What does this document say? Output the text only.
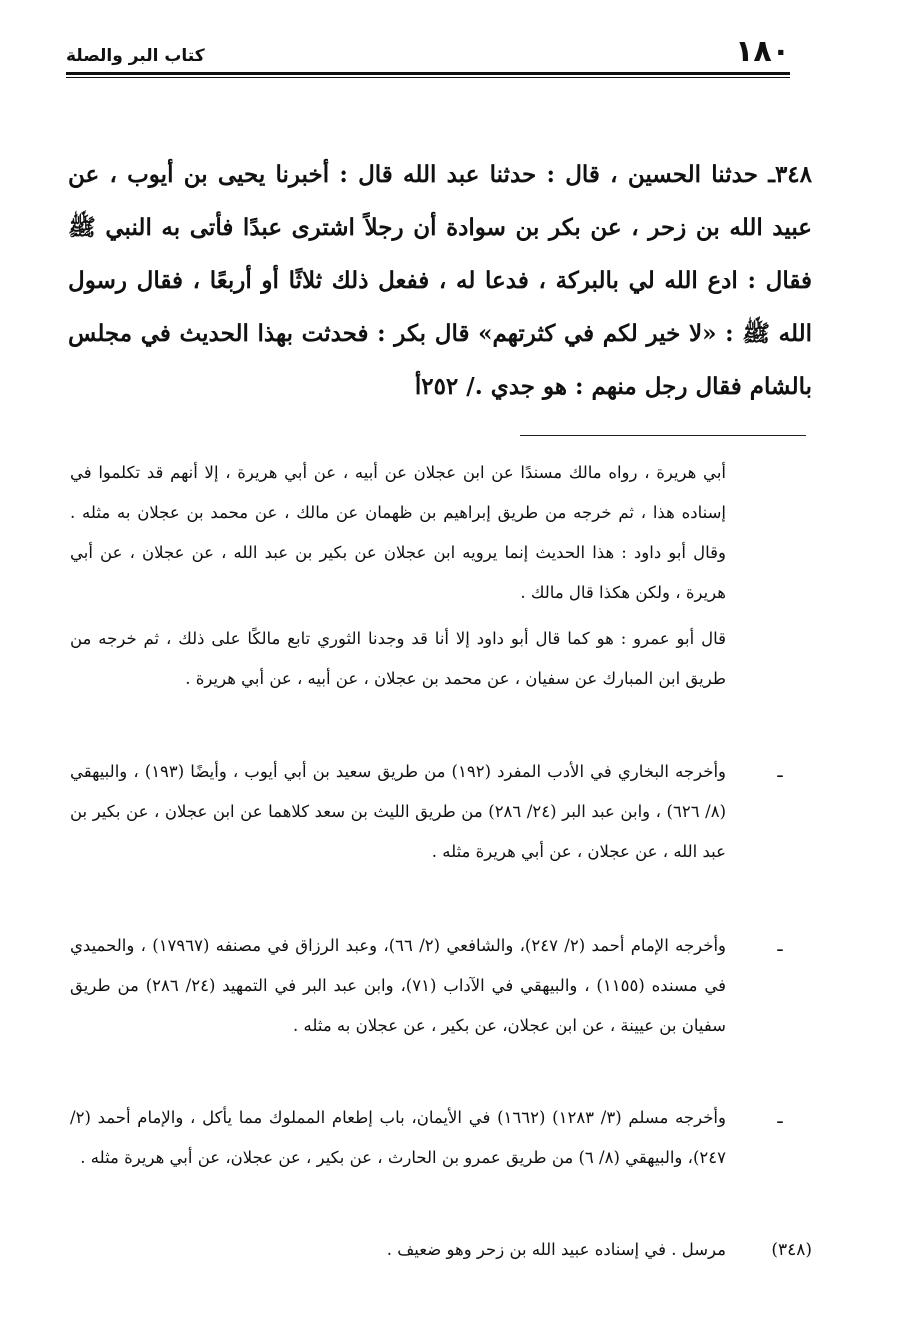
١٨٠
كتاب البر والصلة
٣٤٨ـ حدثنا الحسين ، قال : حدثنا عبد الله قال : أخبرنا يحيى بن أيوب ، عن عبيد الله بن زحر ، عن بكر بن سوادة أن رجلاً اشترى عبدًا فأتى به النبي ﷺ فقال : ادع الله لي بالبركة ، فدعا له ، ففعل ذلك ثلاثًا أو أربعًا ، فقال رسول الله ﷺ : «لا خير لكم في كثرتهم» قال بكر : فحدثت بهذا الحديث في مجلس بالشام فقال رجل منهم : هو جدي ./ ٢٥٢أ

أبي هريرة ، رواه مالك مسندًا عن ابن عجلان عن أبيه ، عن أبي هريرة ، إلا أنهم قد تكلموا في إسناده هذا ، ثم خرجه من طريق إبراهيم بن ظهمان عن مالك ، عن محمد بن عجلان به مثله . وقال أبو داود : هذا الحديث إنما يرويه ابن عجلان عن بكير بن عبد الله ، عن عجلان ، عن أبي هريرة ، ولكن هكذا قال مالك .

قال أبو عمرو : هو كما قال أبو داود إلا أنا قد وجدنا الثوري تابع مالكًا على ذلك ، ثم خرجه من طريق ابن المبارك عن سفيان ، عن محمد بن عجلان ، عن أبيه ، عن أبي هريرة .

ـ
وأخرجه البخاري في الأدب المفرد (١٩٢) من طريق سعيد بن أبي أيوب ، وأيضًا (١٩٣) ، والبيهقي (٨/ ٦٢٦) ، وابن عبد البر (٢٤/ ٢٨٦) من طريق الليث بن سعد كلاهما عن ابن عجلان ، عن بكير بن عبد الله ، عن عجلان ، عن أبي هريرة مثله .
ـ
وأخرجه الإمام أحمد (٢/ ٢٤٧)، والشافعي (٢/ ٦٦)، وعبد الرزاق في مصنفه (١٧٩٦٧) ، والحميدي في مسنده (١١٥٥) ، والبيهقي في الآداب (٧١)، وابن عبد البر في التمهيد (٢٤/ ٢٨٦) من طريق سفيان بن عيينة ، عن ابن عجلان، عن بكير ، عن عجلان به مثله .
ـ
وأخرجه مسلم (٣/ ١٢٨٣) (١٦٦٢) في الأيمان، باب إطعام المملوك مما يأكل ، والإمام أحمد (٢/ ٢٤٧)، والبيهقي (٨/ ٦) من طريق عمرو بن الحارث ، عن بكير ، عن عجلان، عن أبي هريرة مثله .
(٣٤٨)
مرسل . في إسناده عبيد الله بن زحر وهو ضعيف .
